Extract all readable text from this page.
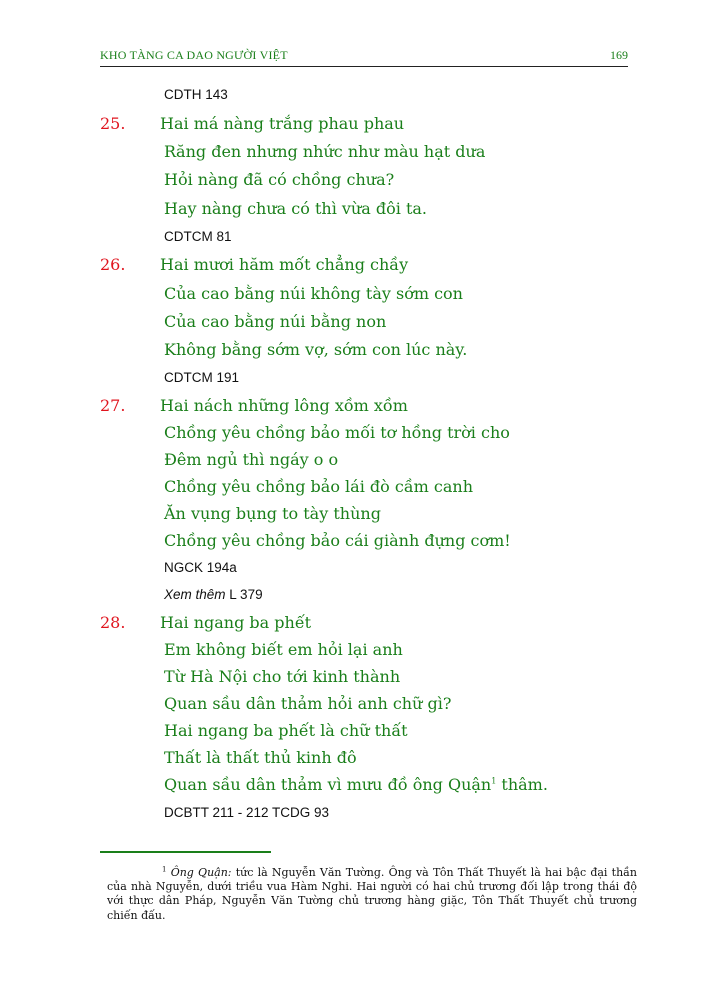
KHO TÀNG CA DAO NGƯỜI VIỆT	169
CDTH 143
25. Hai má nàng trắng phau phau
Răng đen nhưng nhức như màu hạt dưa
Hỏi nàng đã có chồng chưa?
Hay nàng chưa có thì vừa đôi ta.
CDTCM 81
26. Hai mươi hăm mốt chẳng chầy
Của cao bằng núi không tày sớm con
Của cao bằng núi bằng non
Không bằng sớm vợ, sớm con lúc này.
CDTCM 191
27. Hai nách những lông xồm xồm
Chồng yêu chồng bảo mối tơ hồng trời cho
Đêm ngủ thì ngáy o o
Chồng yêu chồng bảo lái đò cầm canh
Ăn vụng bụng to tày thùng
Chồng yêu chồng bảo cái giành đựng cơm!
NGCK 194a
Xem thêm L 379
28. Hai ngang ba phết
Em không biết em hỏi lại anh
Từ Hà Nội cho tới kinh thành
Quan sầu dân thảm hỏi anh chữ gì?
Hai ngang ba phết là chữ thất
Thất là thất thủ kinh đô
Quan sầu dân thảm vì mưu đồ ông Quận$^1$ thâm.
DCBTT 211 - 212 TCDG 93
$^1$ Ông Quận: tức là Nguyễn Văn Tường. Ông và Tôn Thất Thuyết là hai bậc đại thần của nhà Nguyễn, dưới triều vua Hàm Nghi. Hai người có hai chủ trương đối lập trong thái độ với thực dân Pháp, Nguyễn Văn Tường chủ trương hàng giặc, Tôn Thất Thuyết chủ trương chiến đấu.
